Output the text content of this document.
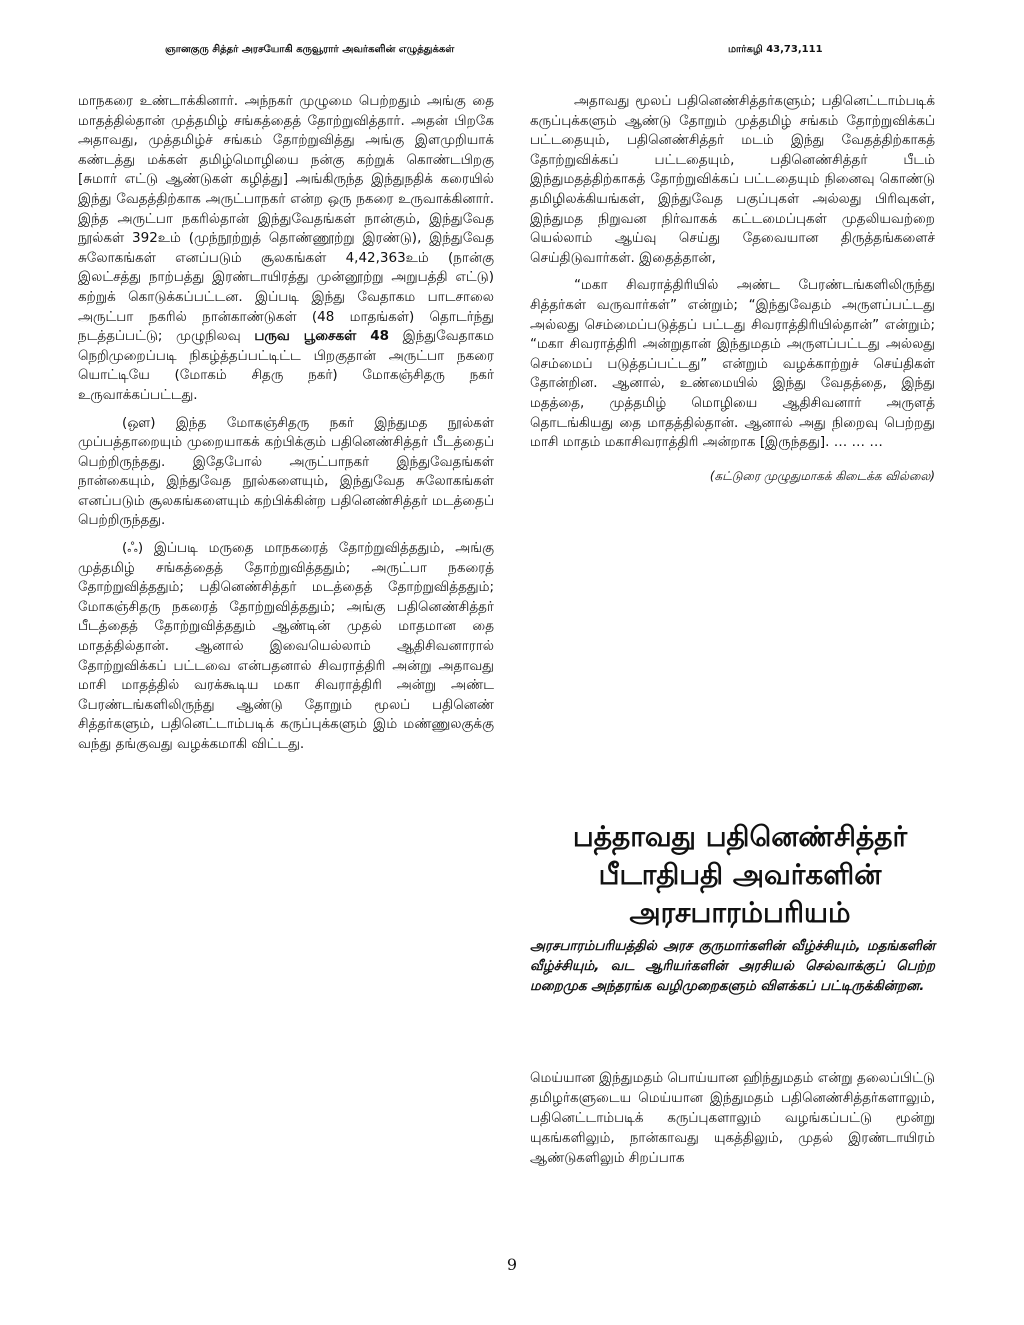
ஞானகுரு சித்தர் அரசயோகி கருவூரார் அவர்களின் எழுத்துக்கள்	மார்கழி 43,73,111

மாநகரை உண்டாக்கினார். அந்நகர் முழுமை பெற்றதும் அங்கு தை மாதத்தில்தான் முத்தமிழ் சங்கத்தைத் தோற்றுவித்தார். அதன் பிறகே அதாவது, முத்தமிழ்ச் சங்கம் தோற்றுவித்து அங்கு இளமுறியாக் கண்டத்து மக்கள் தமிழ்மொழியை நன்கு கற்றுக் கொண்டபிறகு [சுமார் எட்டு ஆண்டுகள் கழித்து] அங்கிருந்த இந்துநதிக் கரையில் இந்து வேதத்திற்காக அருட்பாநகர் என்ற ஒரு நகரை உருவாக்கினார். இந்த அருட்பா நகரில்தான் இந்துவேதங்கள் நான்கும், இந்துவேத நூல்கள் 392உம் (முந்நூற்றுத் தொண்ணூற்று இரண்டு), இந்துவேத சுலோகங்கள் எனப்படும் சூலகங்கள் 4,42,363உம் (நான்கு இலட்சத்து நாற்பத்து இரண்டாயிரத்து முன்னூற்று அறுபத்தி எட்டு) கற்றுக் கொடுக்கப்பட்டன. இப்படி இந்து வேதாகம பாடசாலை அருட்பா நகரில் நான்காண்டுகள் (48 மாதங்கள்) தொடர்ந்து நடத்தப்பட்டு; முழுநிலவு பருவ பூசைகள் 48 இந்துவேதாகம நெறிமுறைப்படி நிகழ்த்தப்பட்டிட்ட பிறகுதான் அருட்பா நகரை யொட்டியே (மோகம் சிதரு நகர்) மோகஞ்சிதரு நகர் உருவாக்கப்பட்டது.

(ஔ) இந்த மோகஞ்சிதரு நகர் இந்துமத நூல்கள் முப்பத்தாறையும் முறையாகக் கற்பிக்கும் பதினெண்சித்தர் பீடத்தைப் பெற்றிருந்தது. இதேபோல் அருட்பாநகர் இந்துவேதங்கள் நான்கையும், இந்துவேத நூல்களையும், இந்துவேத சுலோகங்கள் எனப்படும் சூலகங்களையும் கற்பிக்கின்ற பதினெண்சித்தர் மடத்தைப் பெற்றிருந்தது.

(ஃ) இப்படி மருதை மாநகரைத் தோற்றுவித்ததும், அங்கு முத்தமிழ் சங்கத்தைத் தோற்றுவித்ததும்; அருட்பா நகரைத் தோற்றுவித்ததும்; பதினெண்சித்தர் மடத்தைத் தோற்றுவித்ததும்; மோகஞ்சிதரு நகரைத் தோற்றுவித்ததும்; அங்கு பதினெண்சித்தர் பீடத்தைத் தோற்றுவித்ததும் ஆண்டின் முதல் மாதமான தை மாதத்தில்தான். ஆனால் இவையெல்லாம் ஆதிசிவனாரால் தோற்றுவிக்கப் பட்டவை என்பதனால் சிவராத்திரி அன்று அதாவது மாசி மாதத்தில் வரக்கூடிய மகா சிவராத்திரி அன்று அண்ட பேரண்டங்களிலிருந்து ஆண்டு தோறும் மூலப் பதினெண் சித்தர்களும், பதினெட்டாம்படிக் கருப்புக்களும் இம் மண்ணுலகுக்கு வந்து தங்குவது வழக்கமாகி விட்டது.

அதாவது மூலப் பதினெண்சித்தர்களும்; பதினெட்டாம்படிக் கருப்புக்களும் ஆண்டு தோறும் முத்தமிழ் சங்கம் தோற்றுவிக்கப் பட்டதையும், பதினெண்சித்தர் மடம் இந்து வேதத்திற்காகத் தோற்றுவிக்கப் பட்டதையும், பதினெண்சித்தர் பீடம் இந்துமதத்திற்காகத் தோற்றுவிக்கப் பட்டதையும் நினைவு கொண்டு தமிழிலக்கியங்கள், இந்துவேத பகுப்புகள் அல்லது பிரிவுகள், இந்துமத நிறுவன நிர்வாகக் கட்டமைப்புகள் முதலியவற்றை யெல்லாம் ஆய்வு செய்து தேவையான திருத்தங்களைச் செய்திடுவார்கள். இதைத்தான்,

“மகா சிவராத்திரியில் அண்ட பேரண்டங்களிலிருந்து சித்தர்கள் வருவார்கள்” என்றும்; “இந்துவேதம் அருளப்பட்டது அல்லது செம்மைப்படுத்தப் பட்டது சிவராத்திரியில்தான்” என்றும்; “மகா சிவராத்திரி அன்றுதான் இந்துமதம் அருளப்பட்டது அல்லது செம்மைப் படுத்தப்பட்டது” என்றும் வழக்காற்றுச் செய்திகள் தோன்றின. ஆனால், உண்மையில் இந்து வேதத்தை, இந்து மதத்தை, முத்தமிழ் மொழியை ஆதிசிவனார் அருளத் தொடங்கியது தை மாதத்தில்தான். ஆனால் அது நிறைவு பெற்றது மாசி மாதம் மகாசிவராத்திரி அன்றாக [இருந்தது]. … … …

(கட்டுரை முழுதுமாகக் கிடைக்க வில்லை)

பத்தாவது பதினெண்சித்தர் பீடாதிபதி அவர்களின் அரசபாரம்பரியம்
அரசபாரம்பரியத்தில் அரச குருமார்களின் வீழ்ச்சியும், மதங்களின் வீழ்ச்சியும், வட ஆரியர்களின் அரசியல் செல்வாக்குப் பெற்ற மறைமுக அந்தரங்க வழிமுறைகளும் விளக்கப் பட்டிருக்கின்றன.
மெய்யான இந்துமதம் பொய்யான ஹிந்துமதம் என்று தலைப்பிட்டு தமிழர்களுடைய மெய்யான இந்துமதம் பதினெண்சித்தர்களாலும், பதினெட்டாம்படிக் கருப்புகளாலும் வழங்கப்பட்டு மூன்று யுகங்களிலும், நான்காவது யுகத்திலும், முதல் இரண்டாயிரம் ஆண்டுகளிலும் சிறப்பாக
9
